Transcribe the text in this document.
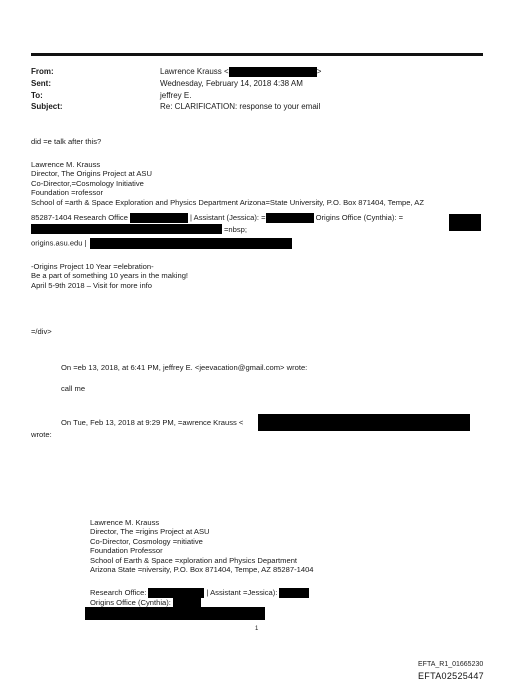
From:	Lawrence Krauss <	>
Sent:	Wednesday, February 14, 2018 4:38 AM
To:	jeffrey E.
Subject:	Re: CLARIFICATION: response to your email
did =e talk after this?
Lawrence M. Krauss
Director, The Origins Project at ASU
Co-Director,=Cosmology Initiative
Foundation =rofessor
School of =arth & Space Exploration and Physics Department Arizona=State University, P.O. Box 871404, Tempe, AZ
85287-1404 Research Office	| Assistant (Jessica): =	Origins Office (Cynthia): =
=nbsp;
origins.asu.edu |
-Origins Project 10 Year =elebration-
Be a part of something 10 years in the making!
April 5-9th 2018 – Visit for more info
=/div>
On =eb 13, 2018, at 6:41 PM, jeffrey E. <jeevacation@gmail.com> wrote:
call me
On Tue, Feb 13, 2018 at 9:29 PM, =awrence Krauss <
wrote:
Lawrence M. Krauss
Director, The =rigins Project at ASU
Co-Director, Cosmology =nitiative
Foundation Professor
School of Earth & Space =xploration and Physics Department
Arizona State =niversity, P.O. Box 871404, Tempe, AZ 85287-1404
Research Office:	| Assistant =Jessica):
Origins Office (Cynthia):
1
EFTA_R1_01665230
EFTA02525447
